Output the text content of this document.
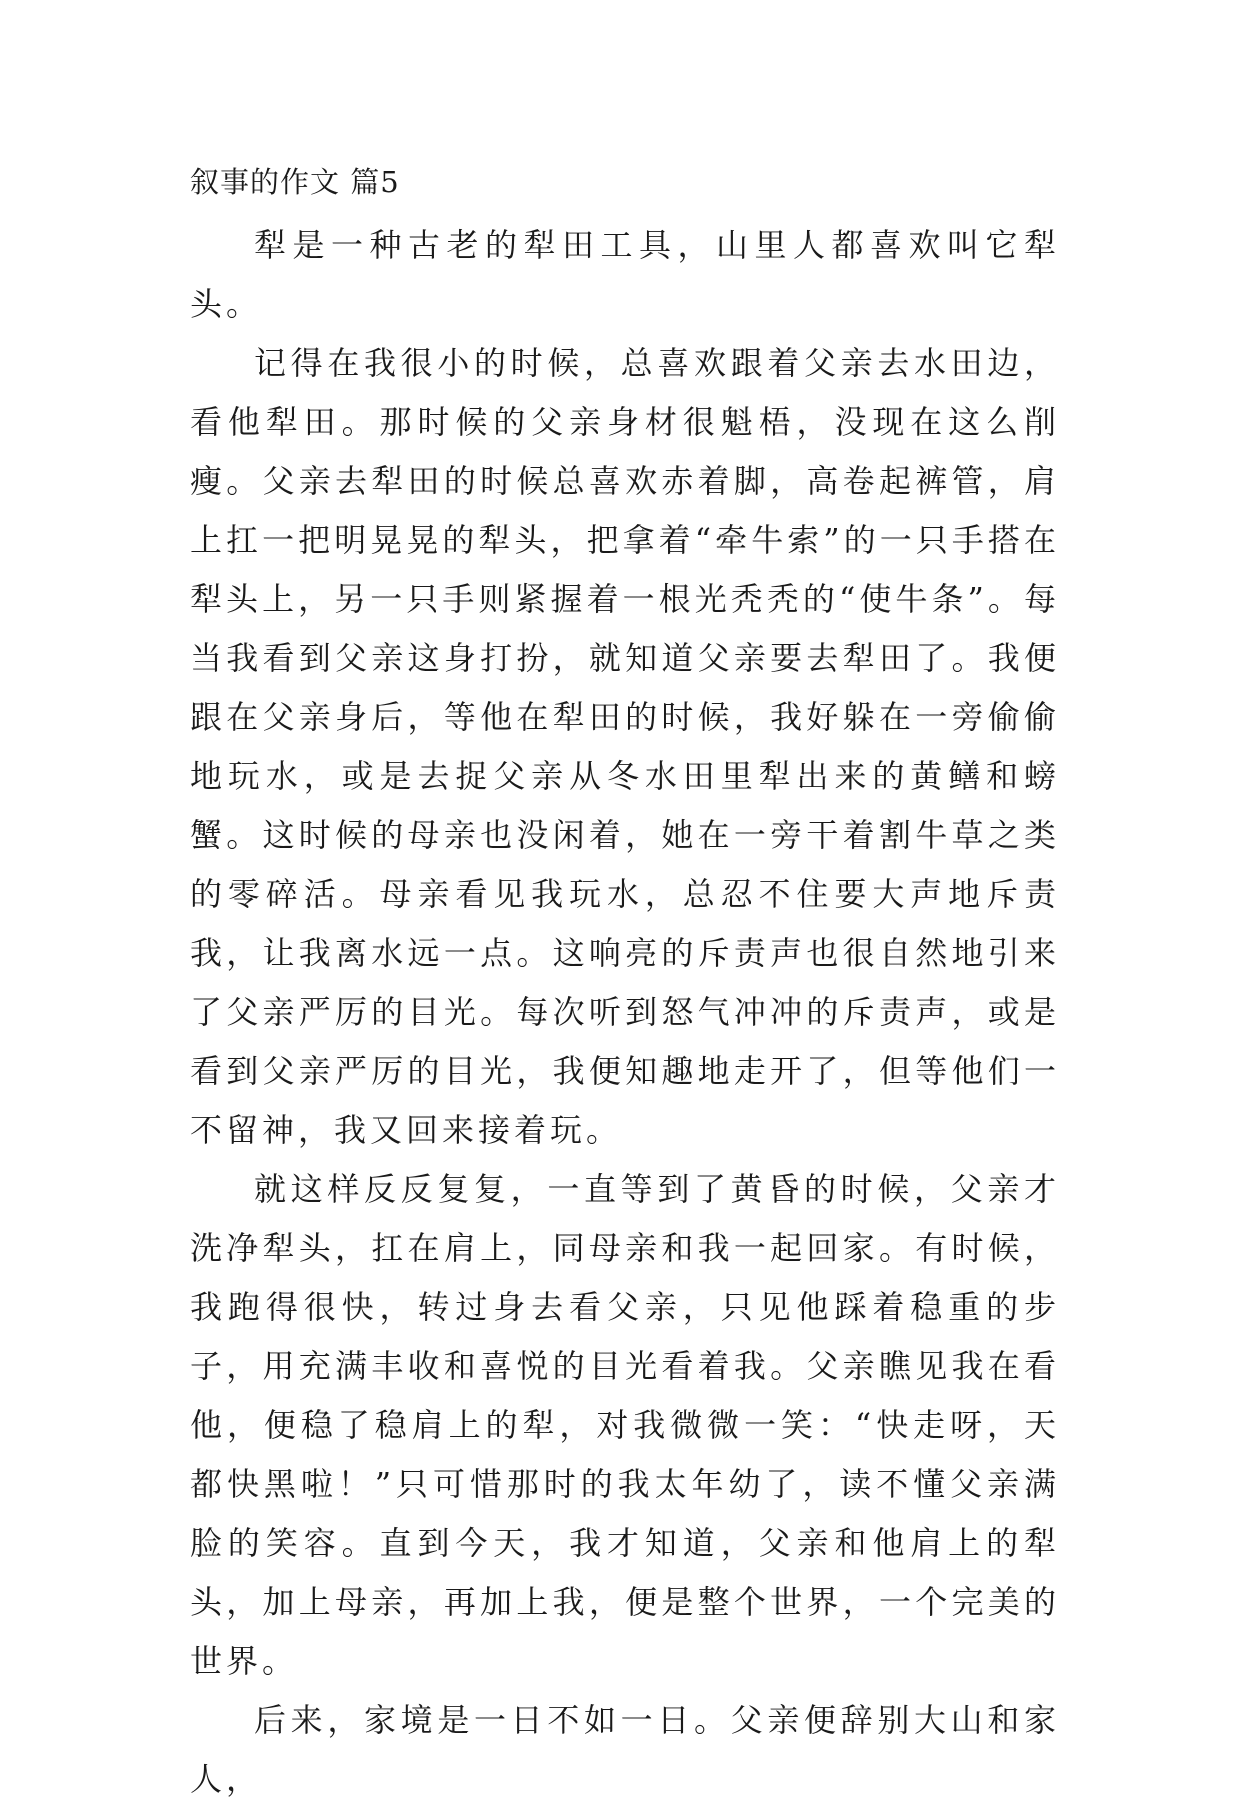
叙事的作文 篇5

犁是一种古老的犁田工具，山里人都喜欢叫它犁头。

记得在我很小的时候，总喜欢跟着父亲去水田边，看他犁田。那时候的父亲身材很魁梧，没现在这么削瘦。父亲去犁田的时候总喜欢赤着脚，高卷起裤管，肩上扛一把明晃晃的犁头，把拿着“牵牛索”的一只手搭在犁头上，另一只手则紧握着一根光秃秃的“使牛条”。每当我看到父亲这身打扮，就知道父亲要去犁田了。我便跟在父亲身后，等他在犁田的时候，我好躲在一旁偷偷地玩水，或是去捉父亲从冬水田里犁出来的黄鳝和螃蟹。这时候的母亲也没闲着，她在一旁干着割牛草之类的零碎活。母亲看见我玩水，总忍不住要大声地斥责我，让我离水远一点。这响亮的斥责声也很自然地引来了父亲严厉的目光。每次听到怒气冲冲的斥责声，或是看到父亲严厉的目光，我便知趣地走开了，但等他们一不留神，我又回来接着玩。

就这样反反复复，一直等到了黄昏的时候，父亲才洗净犁头，扛在肩上，同母亲和我一起回家。有时候，我跑得很快，转过身去看父亲，只见他踩着稳重的步子，用充满丰收和喜悦的目光看着我。父亲瞧见我在看他，便稳了稳肩上的犁，对我微微一笑：“快走呀，天都快黑啦！”只可惜那时的我太年幼了，读不懂父亲满脸的笑容。直到今天，我才知道，父亲和他肩上的犁头，加上母亲，再加上我，便是整个世界，一个完美的世界。

后来，家境是一日不如一日。父亲便辞别大山和家人，
